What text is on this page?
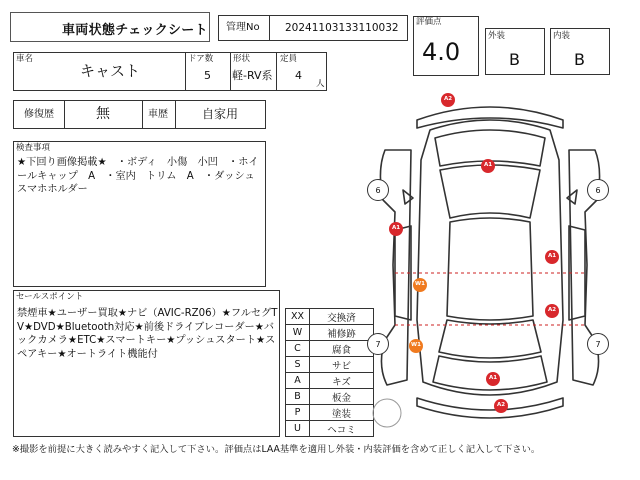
車両状態チェックシート 管理No 2024110313311​0032 評価点
4.0
外装
B
内装
B
車名
キャスト
ドア数
5
形状
軽-RV系
定員
4
人
修復歴	無	車歴	自家用
検査事項
★下回り画像掲載★　・ボディ　小傷　小凹　・ホイールキャップ　A　・室内　トリム　A　・ダッシュ　スマホホルダー
セールスポイント
禁煙車★ユーザー買取★ナビ（AVIC-RZ06）★フルセグTV★DVD★Bluetooth対応★前後ドライブレコーダー★バックカメラ★ETC★スマートキー★プッシュスタート★スペアキー★オートライト機能付
XX	交換済
W	補修跡
C	腐食
S	サビ
A	キズ
B	板金
P	塗装
U	ヘコミ
A2
A1
A1
A1
W1
A2
W1
A1
A2
6	6
7	7
※撮影を前提に大きく読みやすく記入して下さい。評価点はLAA基準を適用し外装・内装評価を含めて正しく記入して下さい。
